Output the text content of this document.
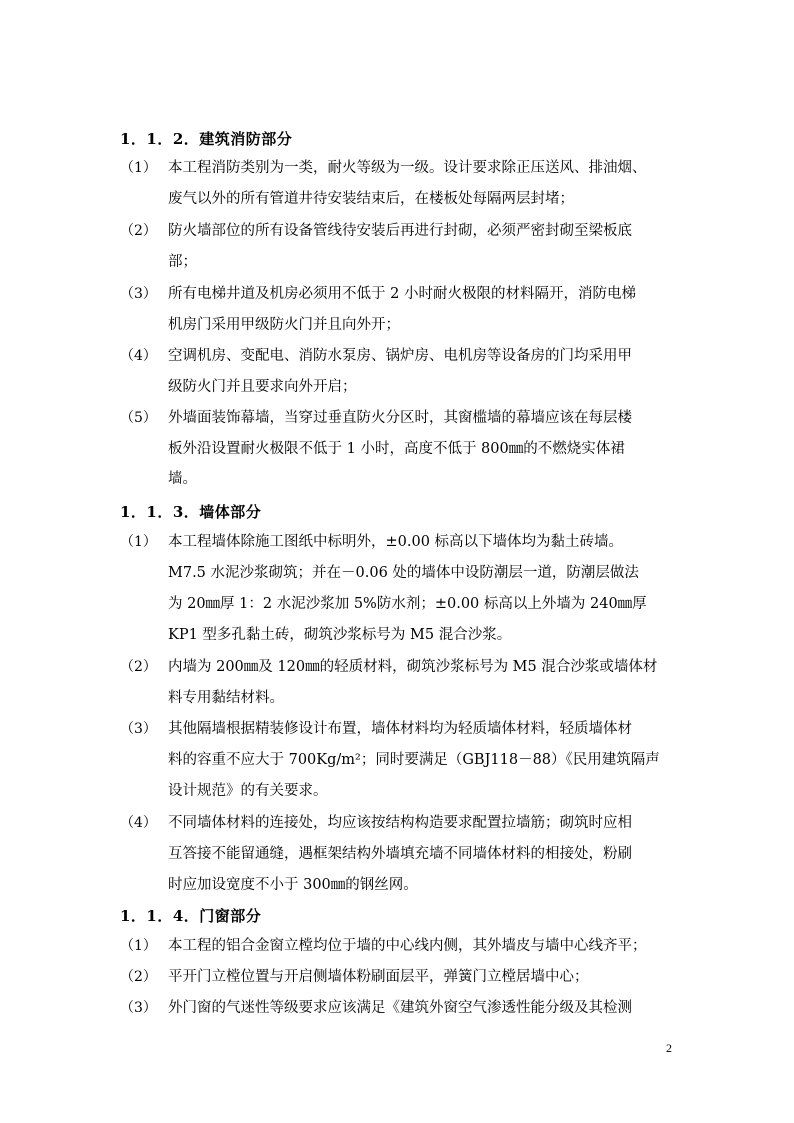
1．1．2．建筑消防部分
（1） 本工程消防类别为一类，耐火等级为一级。设计要求除正压送风、排油烟、
废气以外的所有管道井待安装结束后，在楼板处每隔两层封堵；
（2） 防火墙部位的所有设备管线待安装后再进行封砌，必须严密封砌至梁板底
部；
（3） 所有电梯井道及机房必须用不低于 2 小时耐火极限的材料隔开，消防电梯
机房门采用甲级防火门并且向外开；
（4） 空调机房、变配电、消防水泵房、锅炉房、电机房等设备房的门均采用甲
级防火门并且要求向外开启；
（5） 外墙面装饰幕墙，当穿过垂直防火分区时，其窗槛墙的幕墙应该在每层楼
板外沿设置耐火极限不低于 1 小时，高度不低于 800㎜的不燃烧实体裙
墙。
1．1．3．墙体部分
（1） 本工程墙体除施工图纸中标明外，±0.00 标高以下墙体均为黏土砖墙。
M7.5 水泥沙浆砌筑；并在－0.06 处的墙体中设防潮层一道，防潮层做法
为 20㎜厚 1：2 水泥沙浆加 5%防水剂；±0.00 标高以上外墙为 240㎜厚
KP1 型多孔黏土砖，砌筑沙浆标号为 M5 混合沙浆。
（2） 内墙为 200㎜及 120㎜的轻质材料，砌筑沙浆标号为 M5 混合沙浆或墙体材
料专用黏结材料。
（3） 其他隔墙根据精装修设计布置，墙体材料均为轻质墙体材料，轻质墙体材
料的容重不应大于 700Kg/m²；同时要满足（GBJ118－88）《民用建筑隔声
设计规范》的有关要求。
（4） 不同墙体材料的连接处，均应该按结构构造要求配置拉墙筋；砌筑时应相
互答接不能留通缝，遇框架结构外墙填充墙不同墙体材料的相接处，粉刷
时应加设宽度不小于 300㎜的钢丝网。
1．1．4．门窗部分
（1） 本工程的铝合金窗立樘均位于墙的中心线内侧，其外墙皮与墙中心线齐平；
（2） 平开门立樘位置与开启侧墙体粉刷面层平，弹簧门立樘居墙中心；
（3） 外门窗的气迷性等级要求应该满足《建筑外窗空气渗透性能分级及其检测
2
